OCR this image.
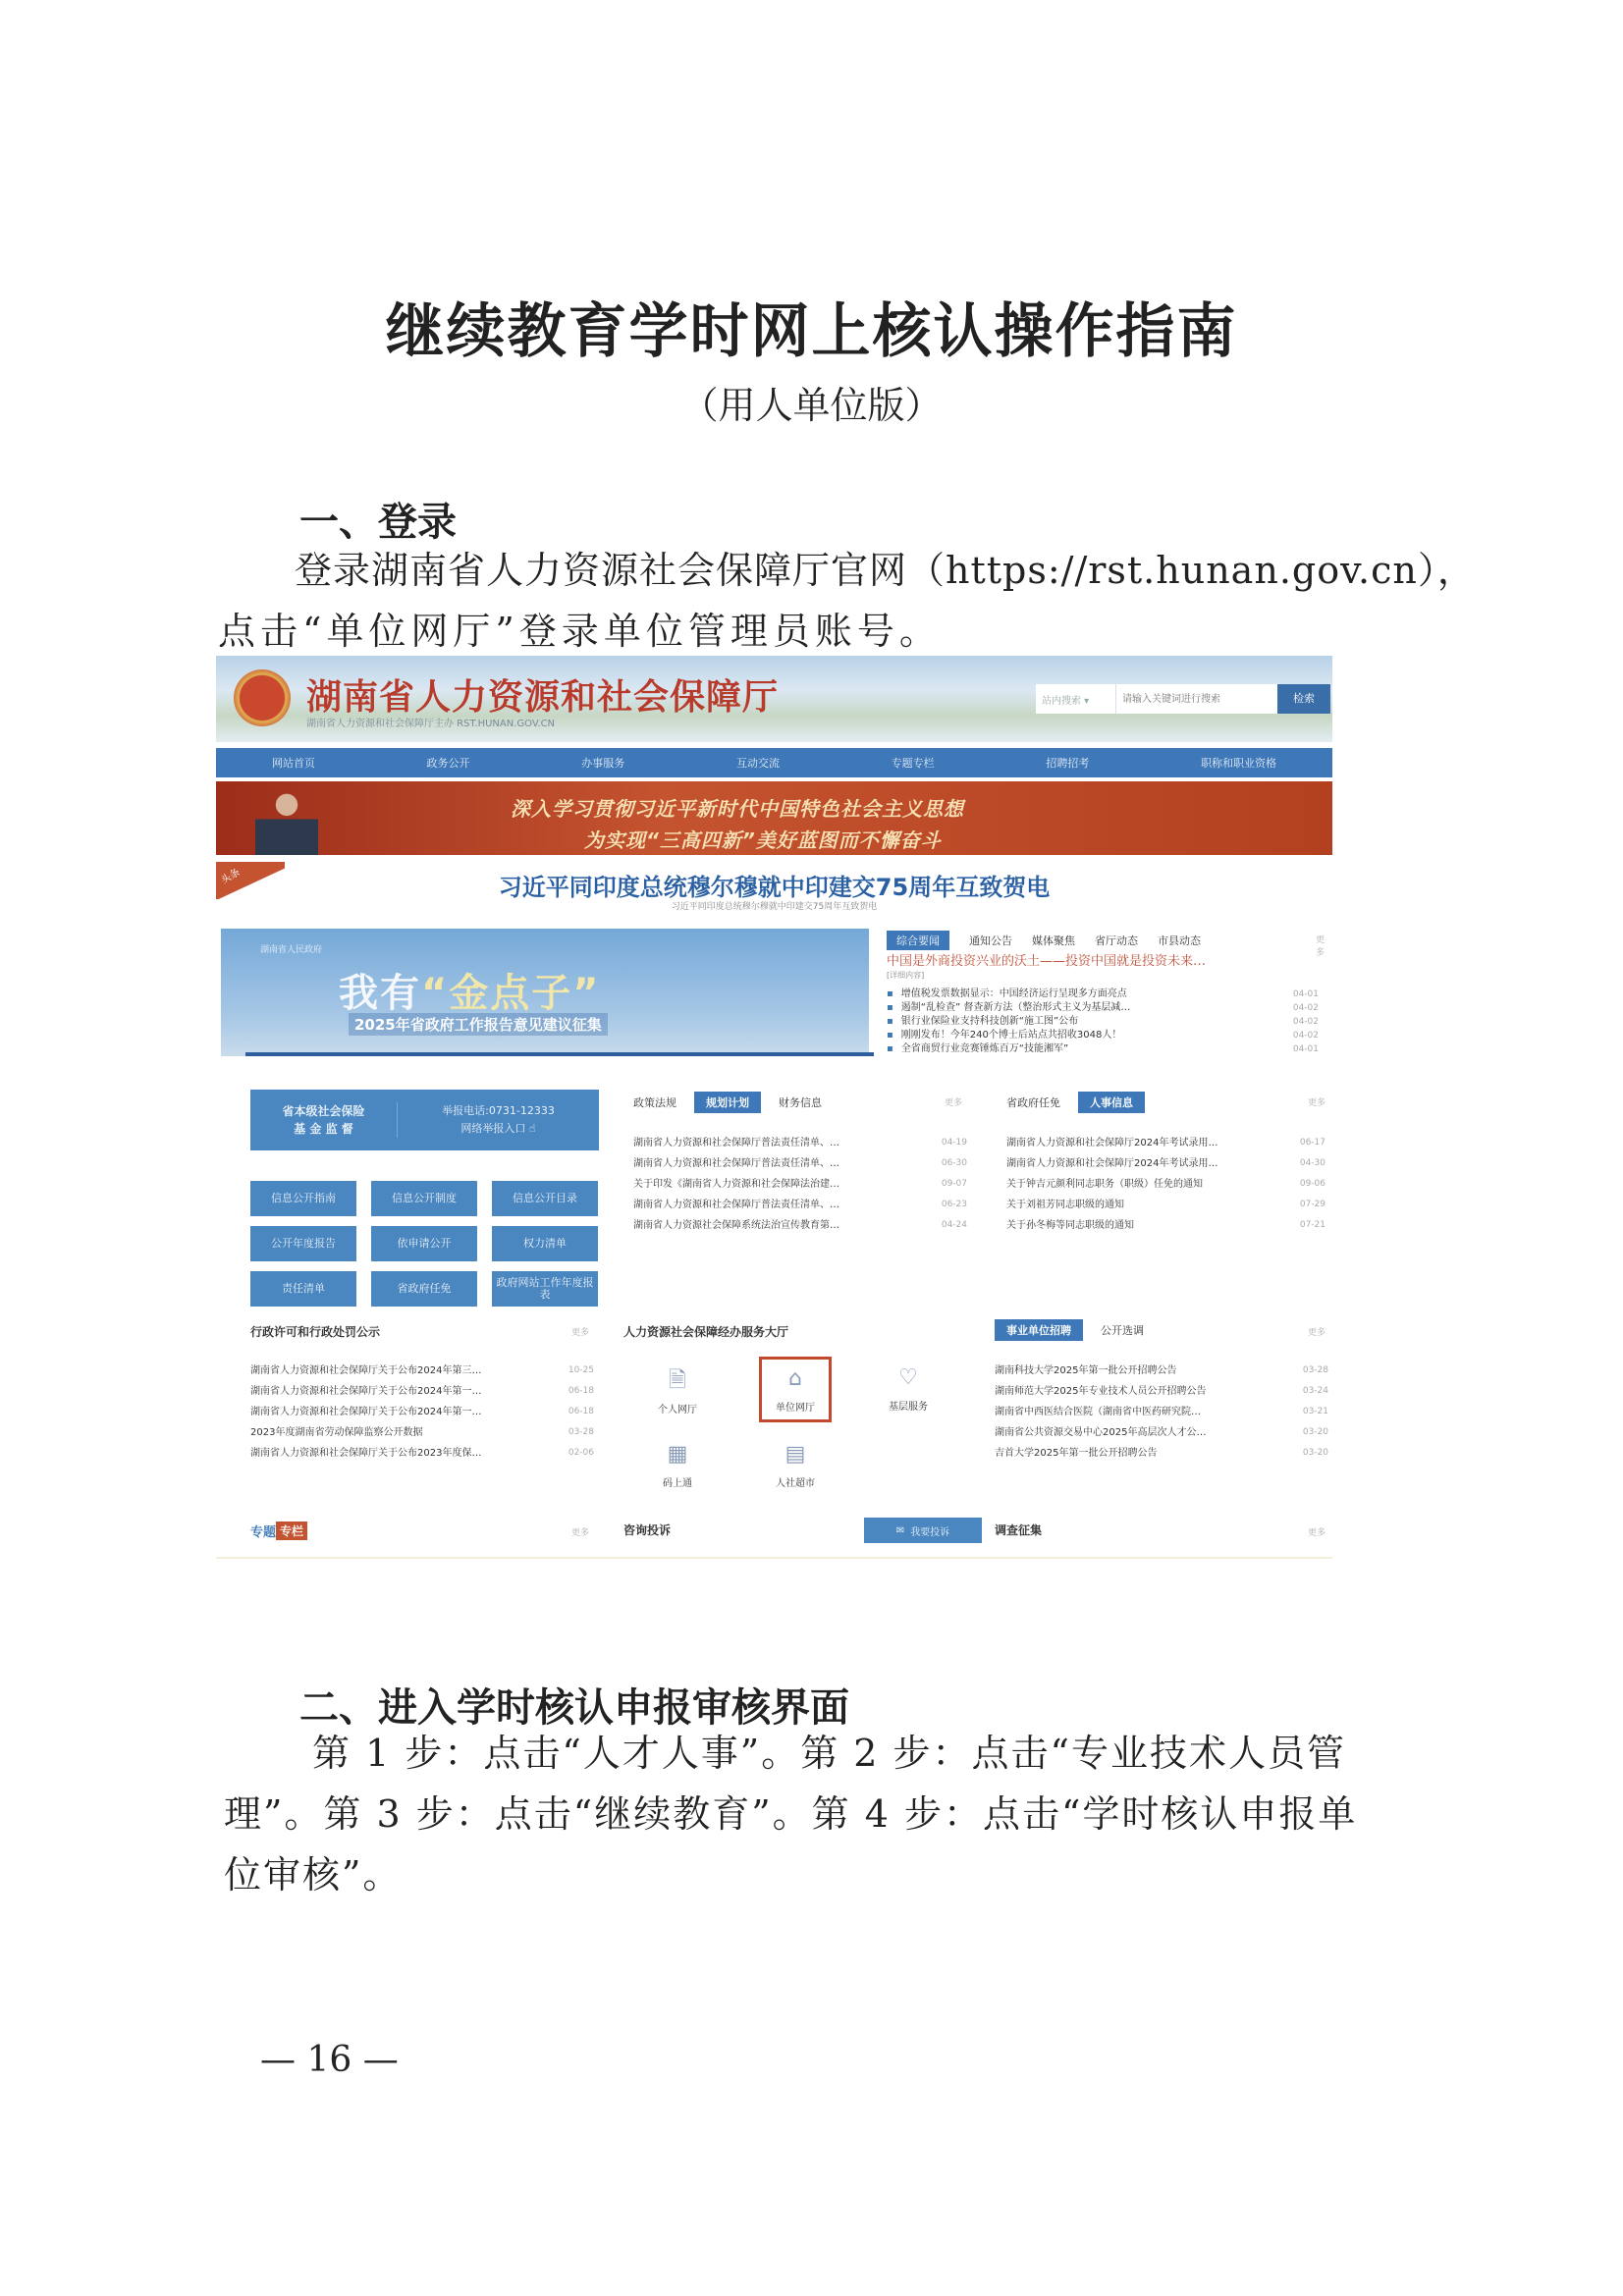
继续教育学时网上核认操作指南
（用人单位版）
一、登录
登录湖南省人力资源社会保障厅官网（https://rst.hunan.gov.cn），
点击“单位网厅”登录单位管理员账号。
湖南省人力资源和社会保障厅
湖南省人力资源和社会保障厅主办 RST.HUNAN.GOV.CN
站内搜索 ▾
请输入关键词进行搜索	检索
网站首页	政务公开	办事服务	互动交流	专题专栏	招聘招考	职称和职业资格
深入学习贯彻习近平新时代中国特色社会主义思想
为实现“三高四新”美好蓝图而不懈奋斗
头条	习近平同印度总统穆尔穆就中印建交75周年互致贺电
习近平同印度总统穆尔穆就中印建交75周年互致贺电
湖南省人民政府
我有“金点子”
2025年省政府工作报告意见建议征集
综合要闻	通知公告 媒体聚焦 省厅动态 市县动态	更多
中国是外商投资兴业的沃土——投资中国就是投资未来…
[详细内容]
▪ 增值税发票数据显示：中国经济运行呈现多方面亮点	04-01
▪ 遏制“乱检查” 督查新方法（整治形式主义为基层减…	04-02
▪ 银行业保险业支持科技创新“施工图”公布	04-02
▪ 刚刚发布！今年240个博士后站点共招收3048人！	04-02
▪ 全省商贸行业竞赛锤炼百万“技能湘军”	04-01
省本级社会保险
基 金 监 督
举报电话:0731-12333
网络举报入口 ☝
信息公开指南	信息公开制度	信息公开目录
公开年度报告	依申请公开	权力清单
责任清单	省政府任免	政府网站工作年度报表
政策法规	规划计划	财务信息	更多
湖南省人力资源和社会保障厅普法责任清单、…	04-19
湖南省人力资源和社会保障厅普法责任清单、…	06-30
关于印发《湖南省人力资源和社会保障法治建…	09-07
湖南省人力资源和社会保障厅普法责任清单、…	06-23
湖南省人力资源社会保障系统法治宣传教育第…	04-24
省政府任免	人事信息	更多
湖南省人力资源和社会保障厅2024年考试录用…	06-17
湖南省人力资源和社会保障厅2024年考试录用…	04-30
关于钟吉元颜利同志职务（职级）任免的通知	09-06
关于刘祖芳同志职级的通知	07-29
关于孙冬梅等同志职级的通知	07-21
行政许可和行政处罚公示	更多
湖南省人力资源和社会保障厅关于公布2024年第三…	10-25
湖南省人力资源和社会保障厅关于公布2024年第一…	06-18
湖南省人力资源和社会保障厅关于公布2024年第一…	06-18
2023年度湖南省劳动保障监察公开数据	03-28
湖南省人力资源和社会保障厅关于公布2023年度保…	02-06
人力资源社会保障经办服务大厅
🗎
个人网厅
⌂
单位网厅
♡
基层服务
▦
码上通
▤
人社超市
事业单位招聘	公开选调	更多
湖南科技大学2025年第一批公开招聘公告	03-28
湖南师范大学2025年专业技术人员公开招聘公告	03-24
湖南省中西医结合医院（湖南省中医药研究院…	03-21
湖南省公共资源交易中心2025年高层次人才公…	03-20
吉首大学2025年第一批公开招聘公告	03-20
专题 专栏	更多	咨询投诉	✉ 我要投诉	调查征集	更多
二、进入学时核认申报审核界面
第 1 步：点击“人才人事”。第 2 步：点击“专业技术人员管
理”。第 3 步：点击“继续教育”。第 4 步：点击“学时核认申报单
位审核”。
— 16 —
